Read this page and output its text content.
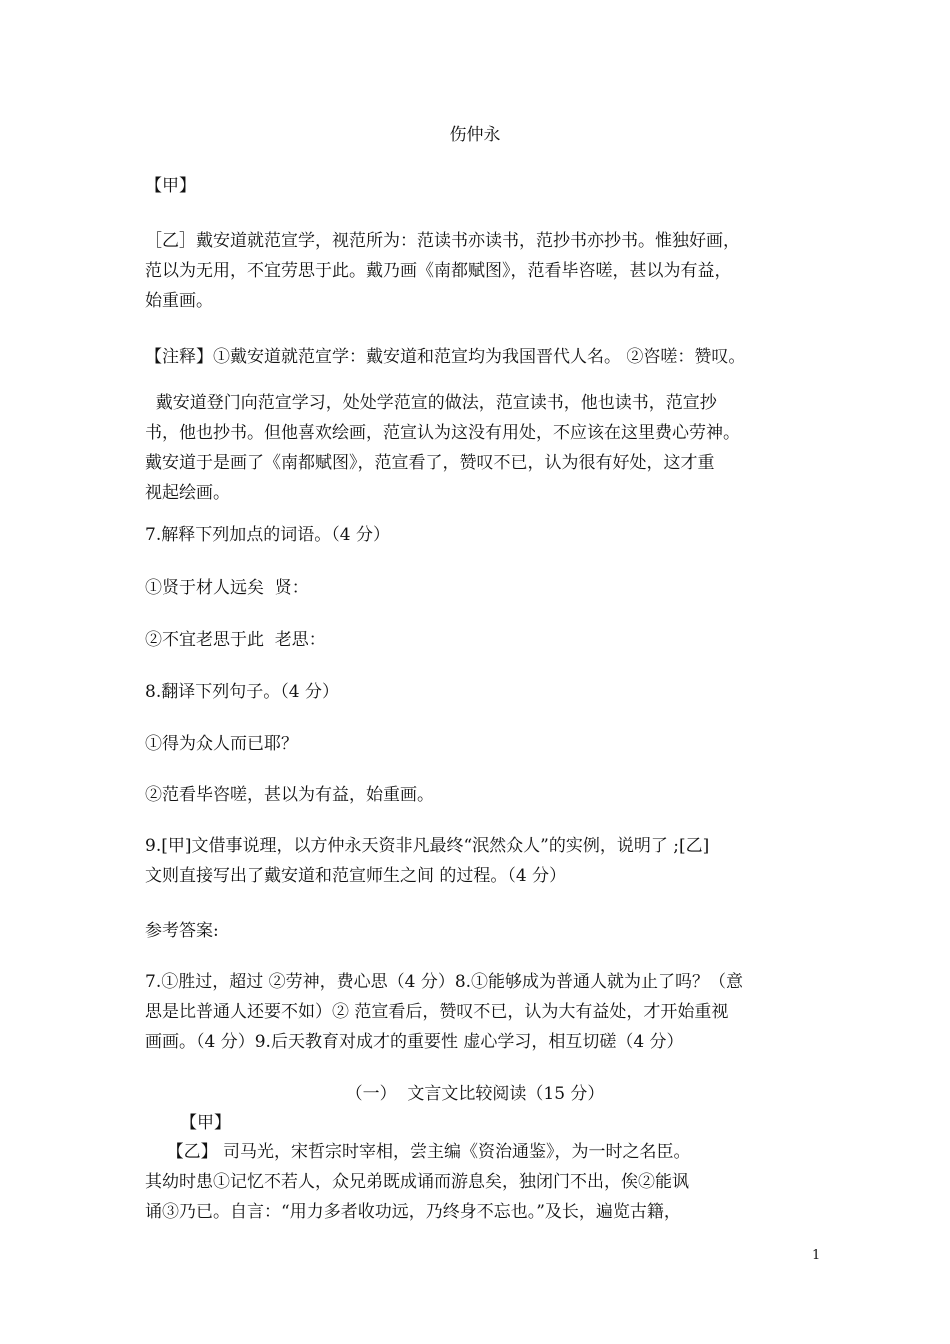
伤仲永
【甲】
［乙］戴安道就范宣学，视范所为：范读书亦读书，范抄书亦抄书。惟独好画，
范以为无用，不宜劳思于此。戴乃画《南都赋图》，范看毕咨嗟，甚以为有益，
始重画。
【注释】①戴安道就范宣学：戴安道和范宣均为我国晋代人名。 ②咨嗟：赞叹。
戴安道登门向范宣学习，处处学范宣的做法，范宣读书，他也读书，范宣抄
书，他也抄书。但他喜欢绘画，范宣认为这没有用处，不应该在这里费心劳神。
戴安道于是画了《南都赋图》，范宣看了，赞叹不已，认为很有好处，这才重
视起绘画。
7.解释下列加点的词语。（4 分）
①贤于材人远矣  贤：
②不宜老思于此  老思：
8.翻译下列句子。（4 分）
①得为众人而已耶？
②范看毕咨嗟，甚以为有益，始重画。
9.[甲]文借事说理，以方仲永天资非凡最终“泯然众人”的实例，说明了 ;[乙]
文则直接写出了戴安道和范宣师生之间 的过程。（4 分）
参考答案:
7.①胜过，超过 ②劳神，费心思（4 分）8.①能够成为普通人就为止了吗？（意
思是比普通人还要不如）② 范宣看后，赞叹不已，认为大有益处，才开始重视
画画。（4 分）9.后天教育对成才的重要性 虚心学习，相互切磋（4 分）
（一）  文言文比较阅读（15 分）
【甲】
【乙】 司马光，宋哲宗时宰相，尝主编《资治通鉴》，为一时之名臣。
其幼时患①记忆不若人，众兄弟既成诵而游息矣，独闭门不出，俟②能讽
诵③乃已。自言：“用力多者收功远，乃终身不忘也。”及长，遍览古籍，
1
